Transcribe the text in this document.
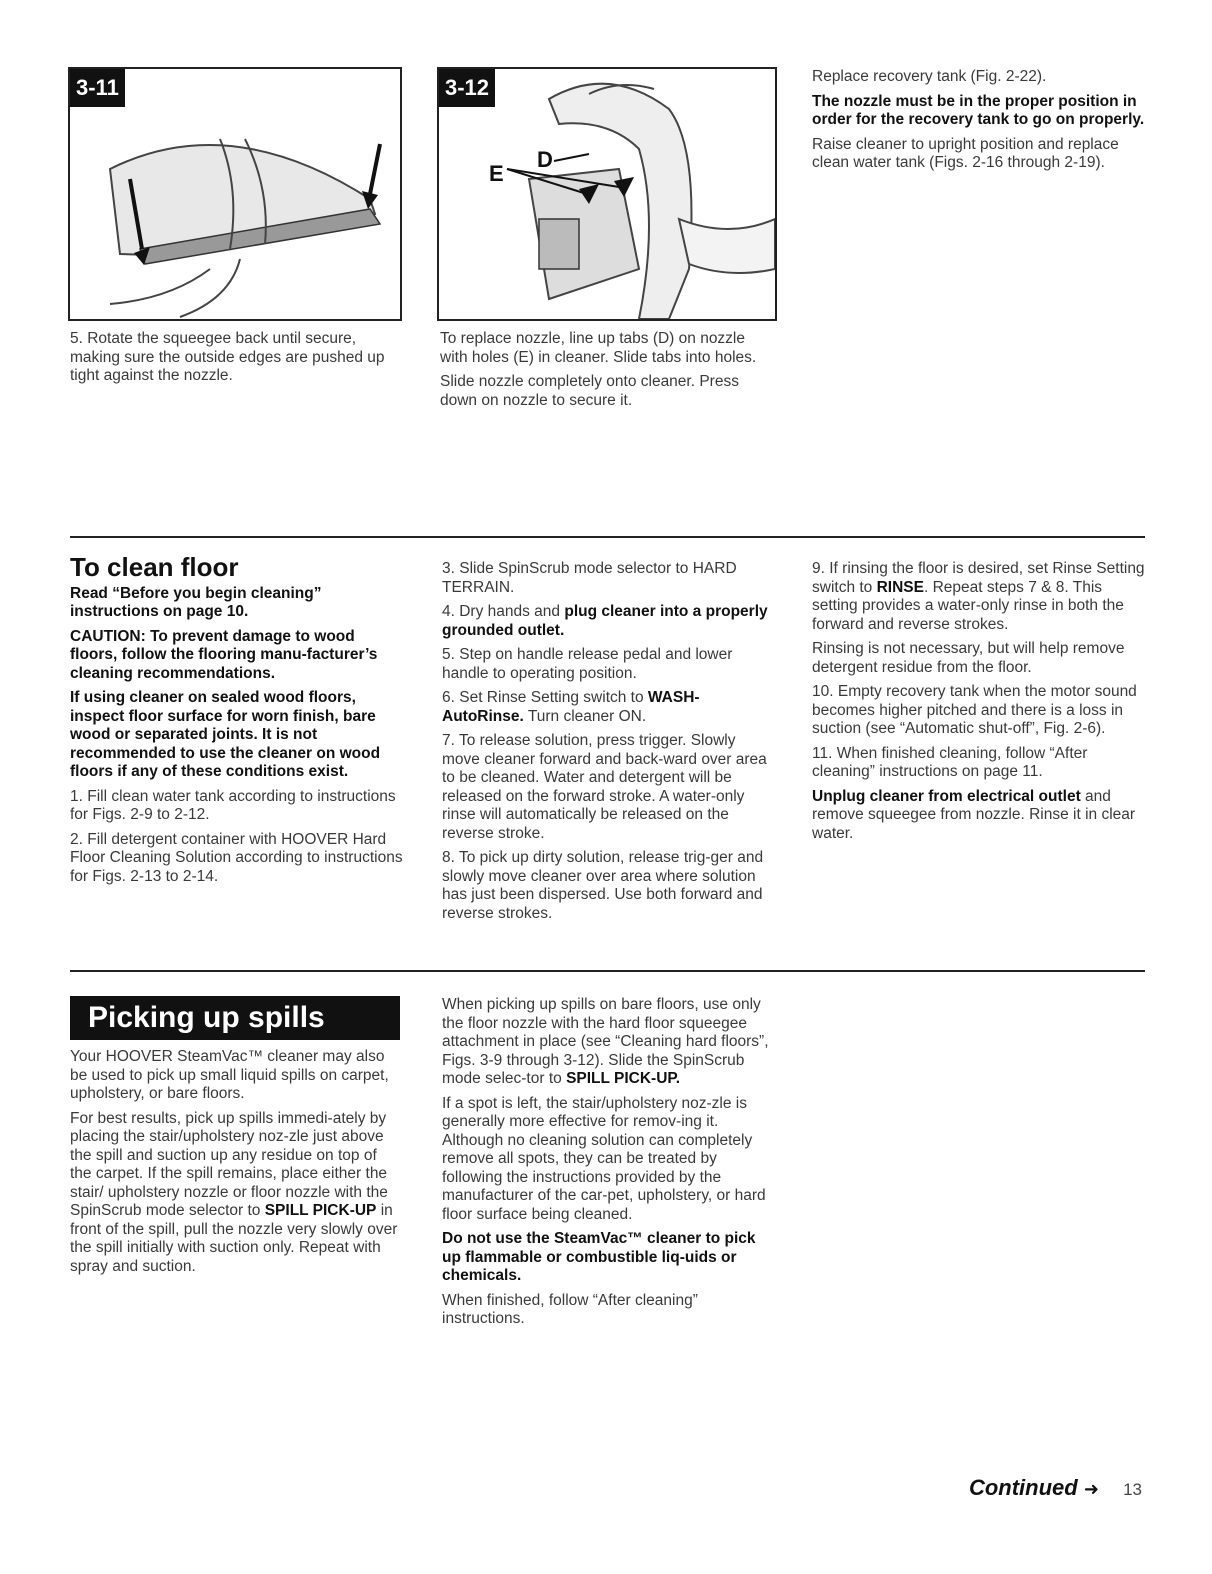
3-11
D
E
3-12

5. Rotate the squeegee back until secure, making sure the outside edges are pushed up tight against the nozzle.

To replace nozzle, line up tabs (D) on nozzle with holes (E) in cleaner. Slide tabs into holes.

Slide nozzle completely onto cleaner. Press down on nozzle to secure it.

Replace recovery tank (Fig. 2-22).

The nozzle must be in the proper position in order for the recovery tank to go on properly.

Raise cleaner to upright position and replace clean water tank (Figs. 2-16 through 2-19).

To clean floor

Read “Before you begin cleaning” instructions on page 10.

CAUTION: To prevent damage to wood floors, follow the flooring manu-facturer’s cleaning recommendations.

If using cleaner on sealed wood floors, inspect floor surface for worn finish, bare wood or separated joints. It is not recommended to use the cleaner on wood floors if any of these conditions exist.

1. Fill clean water tank according to instructions for Figs. 2-9 to 2-12.

2. Fill detergent container with HOOVER Hard Floor Cleaning Solution according to instructions for Figs. 2-13 to 2-14.

3. Slide SpinScrub mode selector to HARD TERRAIN.

4. Dry hands and plug cleaner into a properly grounded outlet.

5. Step on handle release pedal and lower handle to operating position.

6. Set Rinse Setting switch to WASH-AutoRinse. Turn cleaner ON.

7. To release solution, press trigger. Slowly move cleaner forward and back-ward over area to be cleaned. Water and detergent will be released on the forward stroke. A water-only rinse will automatically be released on the reverse stroke.

8. To pick up dirty solution, release trig-ger and slowly move cleaner over area where solution has just been dispersed. Use both forward and reverse strokes.

9. If rinsing the floor is desired, set Rinse Setting switch to RINSE. Repeat steps 7 & 8. This setting provides a water-only rinse in both the forward and reverse strokes.

Rinsing is not necessary, but will help remove detergent residue from the floor.

10. Empty recovery tank when the motor sound becomes higher pitched and there is a loss in suction (see “Automatic shut-off”, Fig. 2-6).

11. When finished cleaning, follow “After cleaning” instructions on page 11.

Unplug cleaner from electrical outlet and remove squeegee from nozzle. Rinse it in clear water.

Picking up spills

Your HOOVER SteamVac™ cleaner may also be used to pick up small liquid spills on carpet, upholstery, or bare floors.

For best results, pick up spills immedi-ately by placing the stair/upholstery noz-zle just above the spill and suction up any residue on top of the carpet. If the spill remains, place either the stair/ upholstery nozzle or floor nozzle with the SpinScrub mode selector to SPILL PICK-UP in front of the spill, pull the nozzle very slowly over the spill initially with suction only. Repeat with spray and suction.

When picking up spills on bare floors, use only the floor nozzle with the hard floor squeegee attachment in place (see “Cleaning hard floors”, Figs. 3-9 through 3-12). Slide the SpinScrub mode selec-tor to SPILL PICK-UP.

If a spot is left, the stair/upholstery noz-zle is generally more effective for remov-ing it. Although no cleaning solution can completely remove all spots, they can be treated by following the instructions provided by the manufacturer of the car-pet, upholstery, or hard floor surface being cleaned.

Do not use the SteamVac™ cleaner to pick up flammable or combustible liq-uids or chemicals.

When finished, follow “After cleaning” instructions.

Continued ➜ 13
